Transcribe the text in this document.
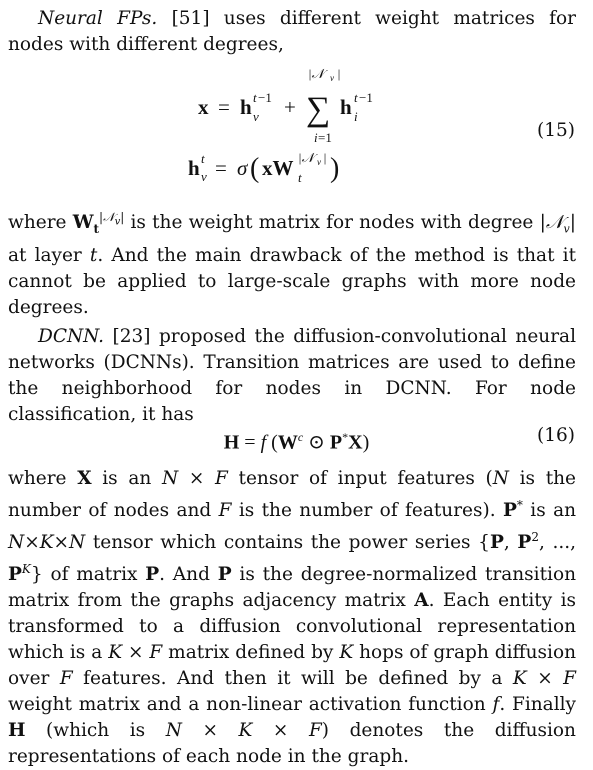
Neural FPs. [51] uses different weight matrices for nodes with different degrees,
|𝒩 v |
x = h t −1
v + ∑
i =1
h t −1
i
h t
v = σ ( xW |𝒩 v |
t )
(15)
where $W_t^{|𝒩_v|}$ is the weight matrix for nodes with degree |𝒩$_v$| at layer t. And the main drawback of the method is that it cannot be applied to large-scale graphs with more node degrees.
DCNN. [23] proposed the diffusion-convolutional neural networks (DCNNs). Transition matrices are used to define the neighborhood for nodes in DCNN. For node classification, it has
H = f ($W^c$ ⊙ P*X)	(16)
where X is an N × F tensor of input features (N is the number of nodes and F is the number of features). P* is an N×K×N tensor which contains the power series {P, $P^2$, ..., $P^K$} of matrix P. And P is the degree-normalized transition matrix from the graphs adjacency matrix A. Each entity is transformed to a diffusion convolutional representation which is a K × F matrix defined by K hops of graph diffusion over F features. And then it will be defined by a K × F weight matrix and a non-linear activation function f. Finally H (which is N × K × F) denotes the diffusion representations of each node in the graph.
